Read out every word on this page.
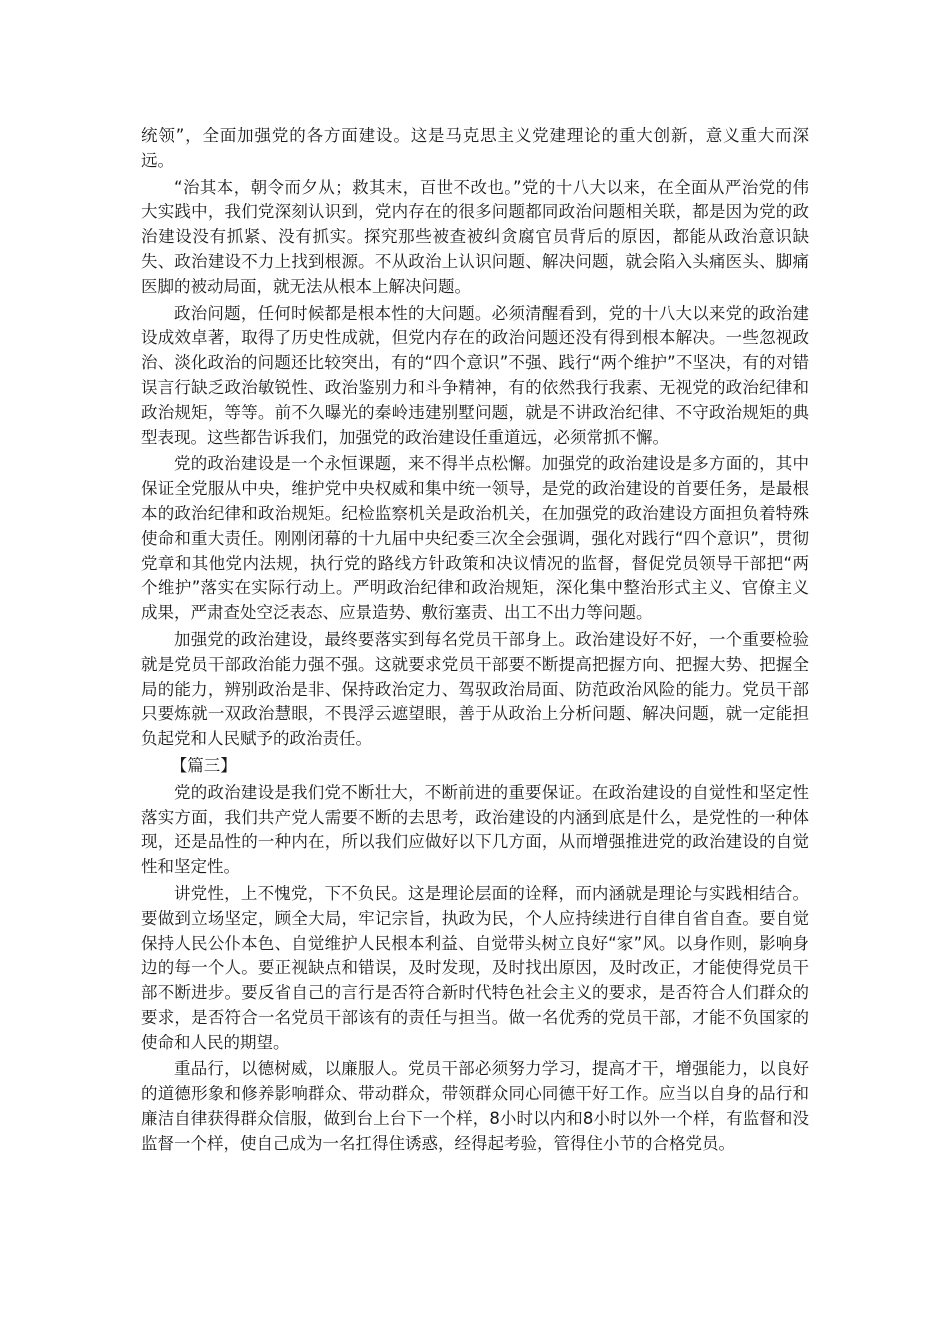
统领”，全面加强党的各方面建设。这是马克思主义党建理论的重大创新，意义重大而深远。

“治其本，朝令而夕从；救其末，百世不改也。”党的十八大以来，在全面从严治党的伟大实践中，我们党深刻认识到，党内存在的很多问题都同政治问题相关联，都是因为党的政治建设没有抓紧、没有抓实。探究那些被查被纠贪腐官员背后的原因，都能从政治意识缺失、政治建设不力上找到根源。不从政治上认识问题、解决问题，就会陷入头痛医头、脚痛医脚的被动局面，就无法从根本上解决问题。

政治问题，任何时候都是根本性的大问题。必须清醒看到，党的十八大以来党的政治建设成效卓著，取得了历史性成就，但党内存在的政治问题还没有得到根本解决。一些忽视政治、淡化政治的问题还比较突出，有的“四个意识”不强、践行“两个维护”不坚决，有的对错误言行缺乏政治敏锐性、政治鉴别力和斗争精神，有的依然我行我素、无视党的政治纪律和政治规矩，等等。前不久曝光的秦岭违建别墅问题，就是不讲政治纪律、不守政治规矩的典型表现。这些都告诉我们，加强党的政治建设任重道远，必须常抓不懈。

党的政治建设是一个永恒课题，来不得半点松懈。加强党的政治建设是多方面的，其中保证全党服从中央，维护党中央权威和集中统一领导，是党的政治建设的首要任务，是最根本的政治纪律和政治规矩。纪检监察机关是政治机关，在加强党的政治建设方面担负着特殊使命和重大责任。刚刚闭幕的十九届中央纪委三次全会强调，强化对践行“四个意识”，贯彻党章和其他党内法规，执行党的路线方针政策和决议情况的监督，督促党员领导干部把“两个维护”落实在实际行动上。严明政治纪律和政治规矩，深化集中整治形式主义、官僚主义成果，严肃查处空泛表态、应景造势、敷衍塞责、出工不出力等问题。

加强党的政治建设，最终要落实到每名党员干部身上。政治建设好不好，一个重要检验就是党员干部政治能力强不强。这就要求党员干部要不断提高把握方向、把握大势、把握全局的能力，辨别政治是非、保持政治定力、驾驭政治局面、防范政治风险的能力。党员干部只要炼就一双政治慧眼，不畏浮云遮望眼，善于从政治上分析问题、解决问题，就一定能担负起党和人民赋予的政治责任。

【篇三】

党的政治建设是我们党不断壮大，不断前进的重要保证。在政治建设的自觉性和坚定性落实方面，我们共产党人需要不断的去思考，政治建设的内涵到底是什么，是党性的一种体现，还是品性的一种内在，所以我们应做好以下几方面，从而增强推进党的政治建设的自觉性和坚定性。

讲党性，上不愧党，下不负民。这是理论层面的诠释，而内涵就是理论与实践相结合。要做到立场坚定，顾全大局，牢记宗旨，执政为民，个人应持续进行自律自省自查。要自觉保持人民公仆本色、自觉维护人民根本利益、自觉带头树立良好“家”风。以身作则，影响身边的每一个人。要正视缺点和错误，及时发现，及时找出原因，及时改正，才能使得党员干部不断进步。要反省自己的言行是否符合新时代特色社会主义的要求，是否符合人们群众的要求，是否符合一名党员干部该有的责任与担当。做一名优秀的党员干部，才能不负国家的使命和人民的期望。

重品行，以德树威，以廉服人。党员干部必须努力学习，提高才干，增强能力，以良好的道德形象和修养影响群众、带动群众，带领群众同心同德干好工作。应当以自身的品行和廉洁自律获得群众信服，做到台上台下一个样，8小时以内和8小时以外一个样，有监督和没监督一个样，使自己成为一名扛得住诱惑，经得起考验，管得住小节的合格党员。
